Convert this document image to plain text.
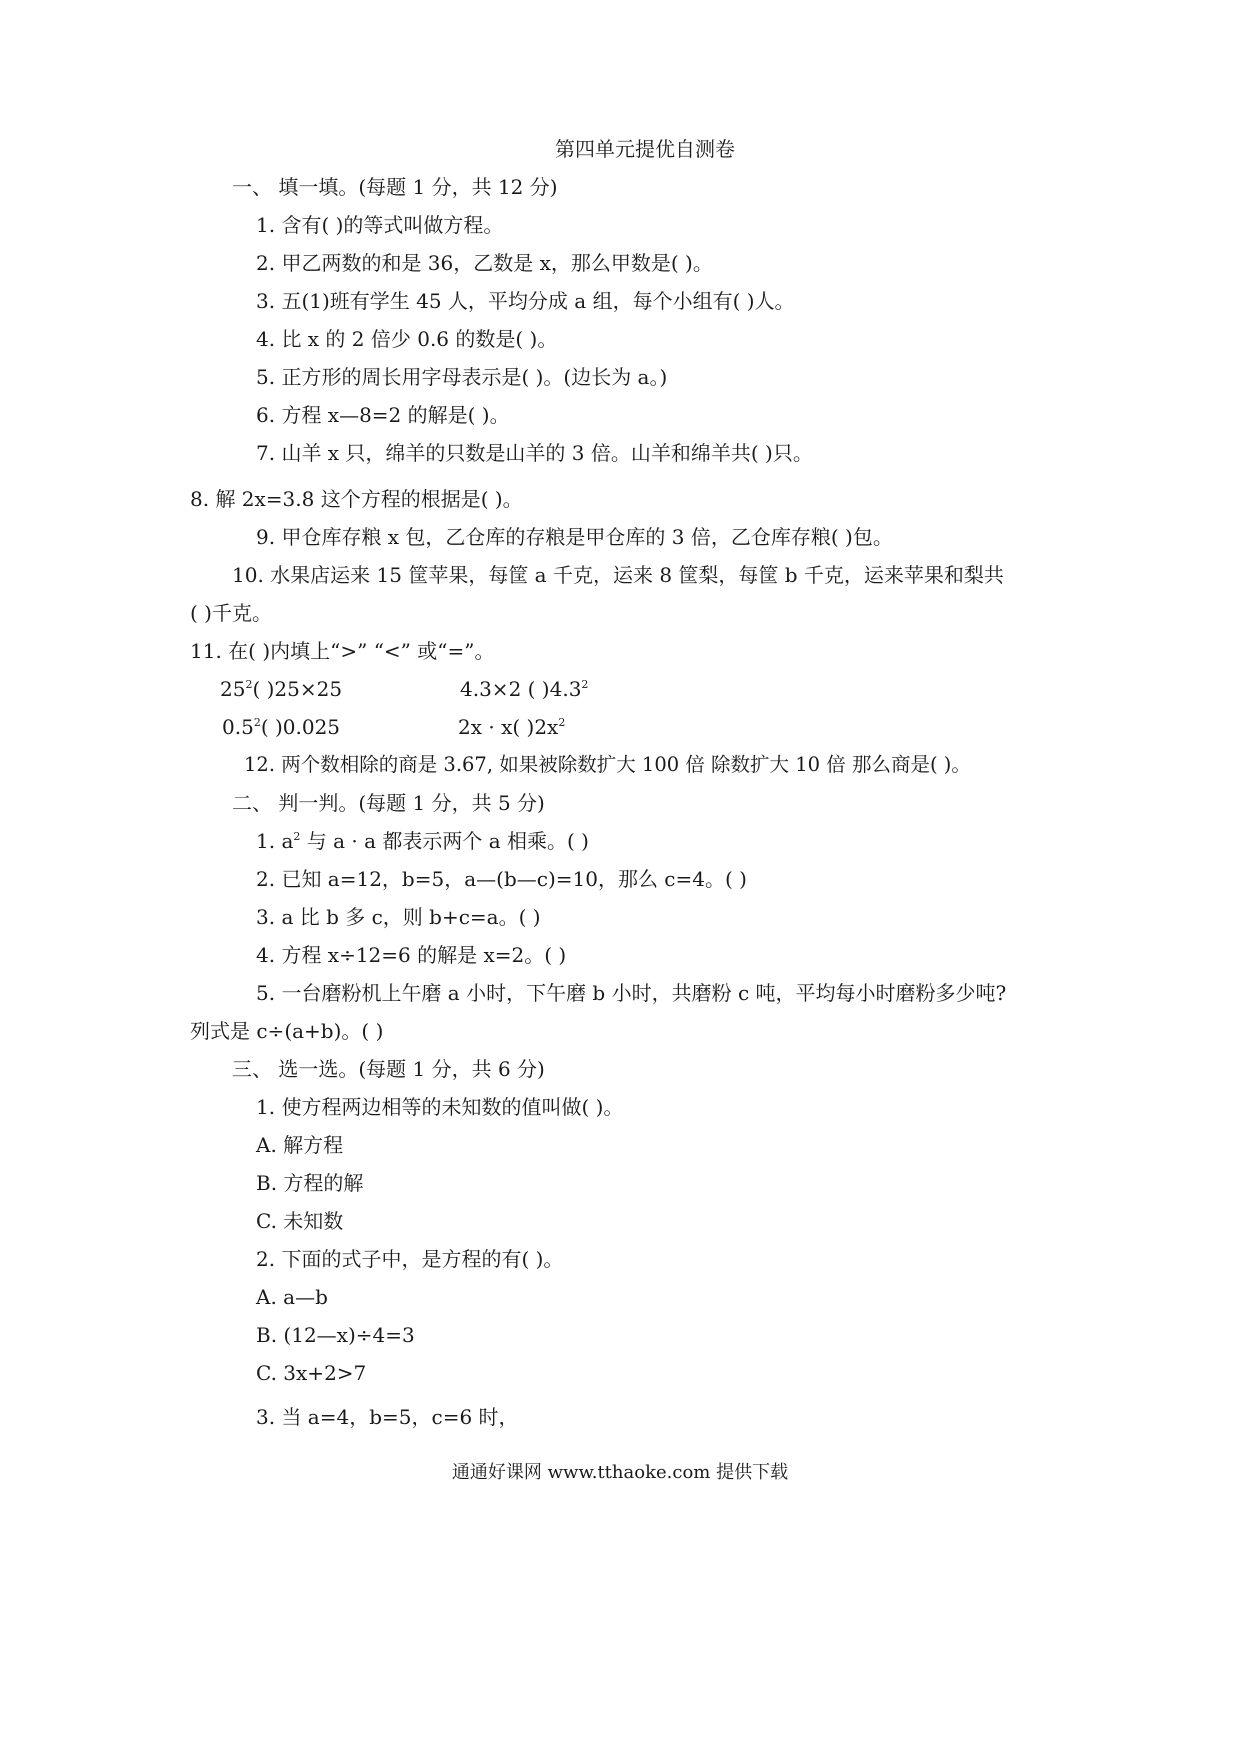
第四单元提优自测卷
一、 填一填。(每题 1 分，共 12 分)
1. 含有( )的等式叫做方程。
2. 甲乙两数的和是 36，乙数是 x，那么甲数是( )。
3. 五(1)班有学生 45 人，平均分成 a 组，每个小组有( )人。
4. 比 x 的 2 倍少 0.6 的数是( )。
5. 正方形的周长用字母表示是( )。(边长为 a。)
6. 方程 x—8=2 的解是( )。
7. 山羊 x 只，绵羊的只数是山羊的 3 倍。山羊和绵羊共( )只。
8. 解 2x=3.8 这个方程的根据是( )。
9. 甲仓库存粮 x 包，乙仓库的存粮是甲仓库的 3 倍，乙仓库存粮( )包。
10. 水果店运来 15 筐苹果，每筐 a 千克，运来 8 筐梨，每筐 b 千克，运来苹果和梨共
( )千克。
11. 在( )内填上“>” “<” 或“=”。
$25^2$( )25×25	4.3×2 ( )$4.3^2$
$0.5^2$( )0.025	2x · x( )$2x^2$
12. 两个数相除的商是 3.67, 如果被除数扩大 100 倍 除数扩大 10 倍 那么商是( )。
二、 判一判。(每题 1 分，共 5 分)
1. $a^2$ 与 a · a 都表示两个 a 相乘。( )
2. 已知 a=12，b=5，a—(b—c)=10，那么 c=4。( )
3. a 比 b 多 c，则 b+c=a。( )
4. 方程 x÷12=6 的解是 x=2。( )
5. 一台磨粉机上午磨 a 小时，下午磨 b 小时，共磨粉 c 吨，平均每小时磨粉多少吨?
列式是 c÷(a+b)。( )
三、 选一选。(每题 1 分，共 6 分)
1. 使方程两边相等的未知数的值叫做( )。
A. 解方程
B. 方程的解
C. 未知数
2. 下面的式子中，是方程的有( )。
A. a—b
B. (12—x)÷4=3
C. 3x+2>7
3. 当 a=4，b=5，c=6 时，
通通好课网 www.tthaoke.com 提供下载
